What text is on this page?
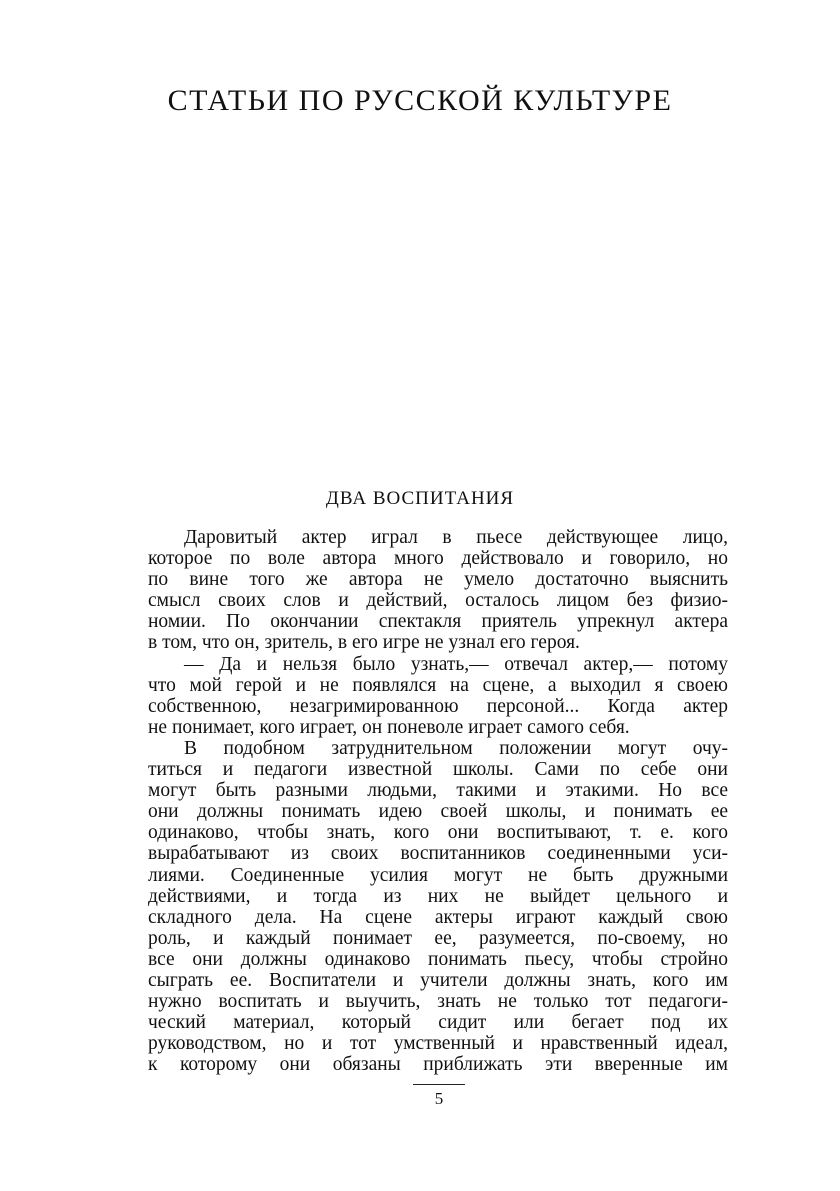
СТАТЬИ ПО РУССКОЙ КУЛЬТУРЕ
ДВА ВОСПИТАНИЯ
Даровитый актер играл в пьесе действующее лицо,
которое по воле автора много действовало и говорило, но
по вине того же автора не умело достаточно выяснить
смысл своих слов и действий, осталось лицом без физио-
номии. По окончании спектакля приятель упрекнул актера
в том, что он, зритель, в его игре не узнал его героя.
— Да и нельзя было узнать,— отвечал актер,— потому
что мой герой и не появлялся на сцене, а выходил я своею
собственною, незагримированною персоной... Когда актер
не понимает, кого играет, он поневоле играет самого себя.
В подобном затруднительном положении могут очу-
титься и педагоги известной школы. Сами по себе они
могут быть разными людьми, такими и этакими. Но все
они должны понимать идею своей школы, и понимать ее
одинаково, чтобы знать, кого они воспитывают, т. е. кого
вырабатывают из своих воспитанников соединенными уси-
лиями. Соединенные усилия могут не быть дружными
действиями, и тогда из них не выйдет цельного и
складного дела. На сцене актеры играют каждый свою
роль, и каждый понимает ее, разумеется, по-своему, но
все они должны одинаково понимать пьесу, чтобы стройно
сыграть ее. Воспитатели и учители должны знать, кого им
нужно воспитать и выучить, знать не только тот педагоги-
ческий материал, который сидит или бегает под их
руководством, но и тот умственный и нравственный идеал,
к которому они обязаны приближать эти вверенные им
5
